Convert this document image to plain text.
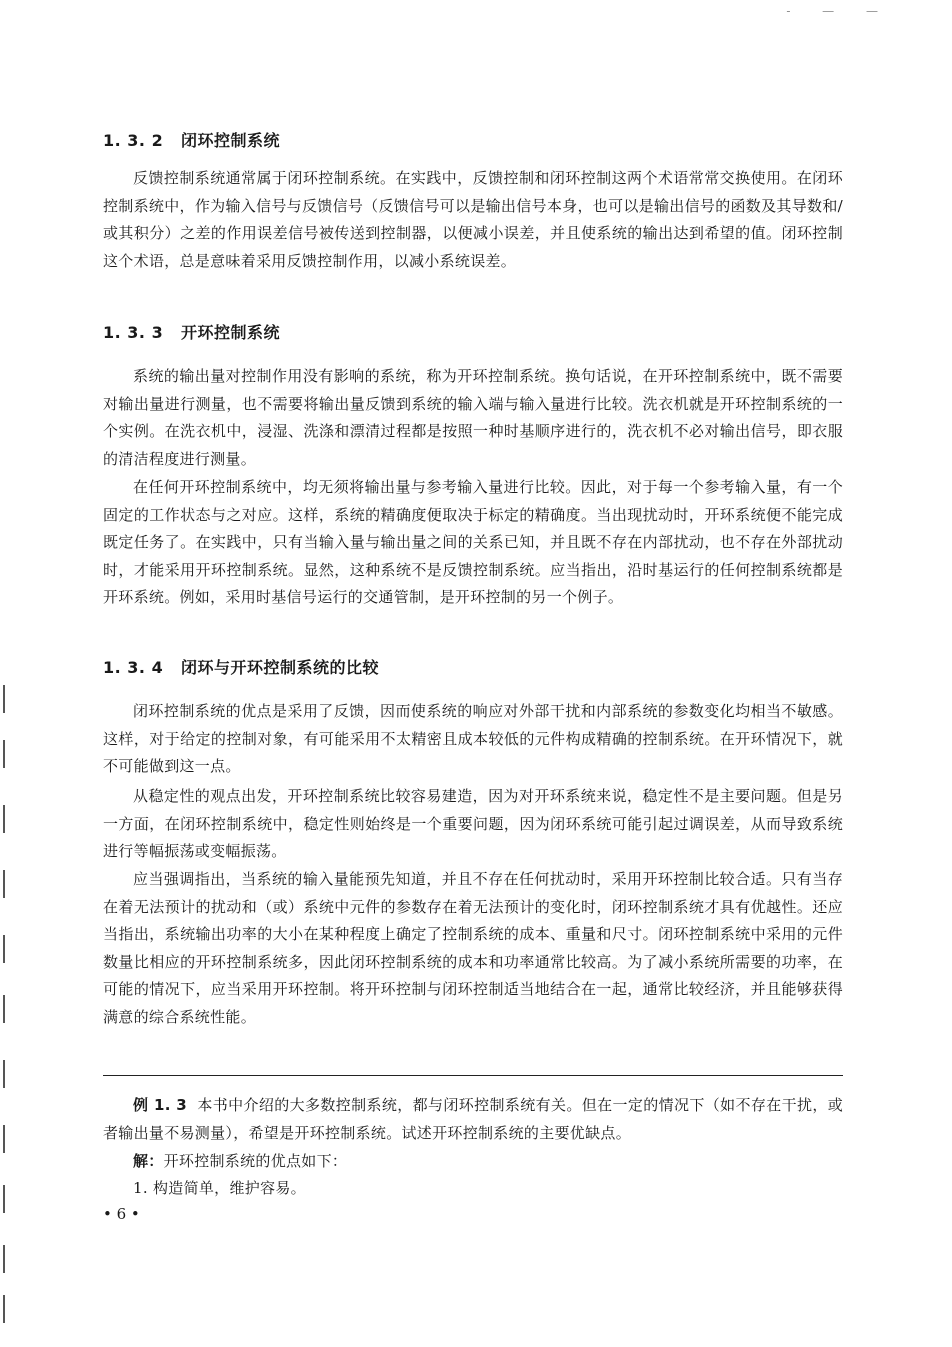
- — —
1. 3. 2 闭环控制系统

反馈控制系统通常属于闭环控制系统。在实践中，反馈控制和闭环控制这两个术语常常交换使用。在闭环控制系统中，作为输入信号与反馈信号（反馈信号可以是输出信号本身，也可以是输出信号的函数及其导数和/或其积分）之差的作用误差信号被传送到控制器，以便减小误差，并且使系统的输出达到希望的值。闭环控制这个术语，总是意味着采用反馈控制作用，以减小系统误差。

1. 3. 3 开环控制系统

系统的输出量对控制作用没有影响的系统，称为开环控制系统。换句话说，在开环控制系统中，既不需要对输出量进行测量，也不需要将输出量反馈到系统的输入端与输入量进行比较。洗衣机就是开环控制系统的一个实例。在洗衣机中，浸湿、洗涤和漂清过程都是按照一种时基顺序进行的，洗衣机不必对输出信号，即衣服的清洁程度进行测量。

在任何开环控制系统中，均无须将输出量与参考输入量进行比较。因此，对于每一个参考输入量，有一个固定的工作状态与之对应。这样，系统的精确度便取决于标定的精确度。当出现扰动时，开环系统便不能完成既定任务了。在实践中，只有当输入量与输出量之间的关系已知，并且既不存在内部扰动，也不存在外部扰动时，才能采用开环控制系统。显然，这种系统不是反馈控制系统。应当指出，沿时基运行的任何控制系统都是开环系统。例如，采用时基信号运行的交通管制，是开环控制的另一个例子。

1. 3. 4 闭环与开环控制系统的比较

闭环控制系统的优点是采用了反馈，因而使系统的响应对外部干扰和内部系统的参数变化均相当不敏感。这样，对于给定的控制对象，有可能采用不太精密且成本较低的元件构成精确的控制系统。在开环情况下，就不可能做到这一点。

从稳定性的观点出发，开环控制系统比较容易建造，因为对开环系统来说，稳定性不是主要问题。但是另一方面，在闭环控制系统中，稳定性则始终是一个重要问题，因为闭环系统可能引起过调误差，从而导致系统进行等幅振荡或变幅振荡。

应当强调指出，当系统的输入量能预先知道，并且不存在任何扰动时，采用开环控制比较合适。只有当存在着无法预计的扰动和（或）系统中元件的参数存在着无法预计的变化时，闭环控制系统才具有优越性。还应当指出，系统输出功率的大小在某种程度上确定了控制系统的成本、重量和尺寸。闭环控制系统中采用的元件数量比相应的开环控制系统多，因此闭环控制系统的成本和功率通常比较高。为了减小系统所需要的功率，在可能的情况下，应当采用开环控制。将开环控制与闭环控制适当地结合在一起，通常比较经济，并且能够获得满意的综合系统性能。

例 1. 3 本书中介绍的大多数控制系统，都与闭环控制系统有关。但在一定的情况下（如不存在干扰，或者输出量不易测量），希望是开环控制系统。试述开环控制系统的主要优缺点。

解：开环控制系统的优点如下：

1. 构造简单，维护容易。

• 6 •
